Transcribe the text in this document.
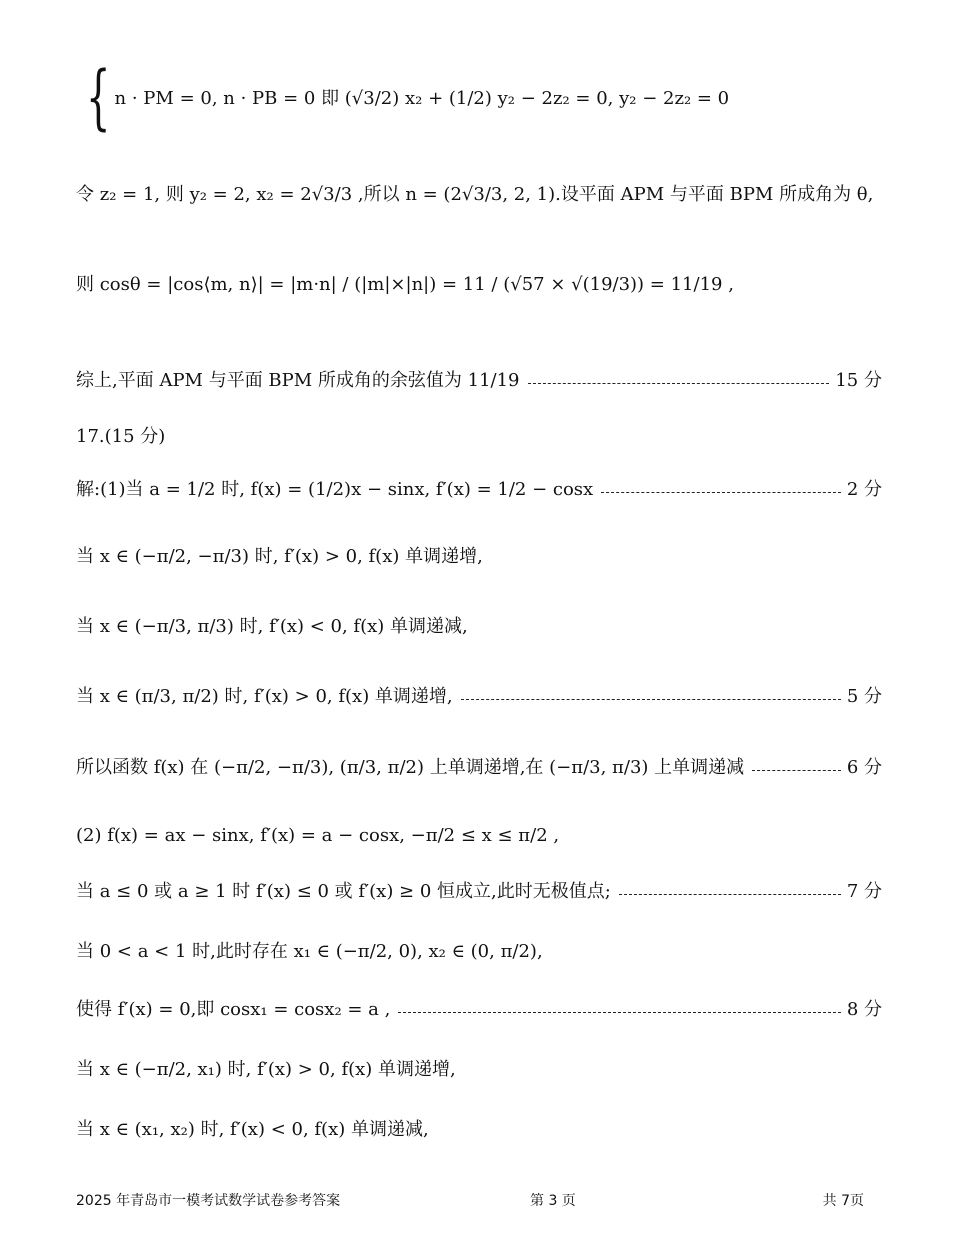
{ n · PM = 0, n · PB = 0 即 (√3/2) x₂ + (1/2) y₂ − 2z₂ = 0, y₂ − 2z₂ = 0
令 z₂ = 1, 则 y₂ = 2, x₂ = 2√3/3 ,所以 n = (2√3/3, 2, 1).设平面 APM 与平面 BPM 所成角为 θ,
则 cosθ = |cos⟨m, n⟩| = |m·n| / (|m|×|n|) = 11 / (√57 × √(19/3)) = 11/19 ,
综上,平面 APM 与平面 BPM 所成角的余弦值为 11/19	15 分
17.(15 分)
解:(1)当 a = 1/2 时, f(x) = (1/2)x − sinx, f′(x) = 1/2 − cosx	2 分
当 x ∈ (−π/2, −π/3) 时, f′(x) > 0, f(x) 单调递增,
当 x ∈ (−π/3, π/3) 时, f′(x) < 0, f(x) 单调递减,
当 x ∈ (π/3, π/2) 时, f′(x) > 0, f(x) 单调递增,	5 分
所以函数 f(x) 在 (−π/2, −π/3), (π/3, π/2) 上单调递增,在 (−π/3, π/3) 上单调递减	6 分
(2) f(x) = ax − sinx, f′(x) = a − cosx, −π/2 ≤ x ≤ π/2 ,
当 a ≤ 0 或 a ≥ 1 时 f′(x) ≤ 0 或 f′(x) ≥ 0 恒成立,此时无极值点;	7 分
当 0 < a < 1 时,此时存在 x₁ ∈ (−π/2, 0), x₂ ∈ (0, π/2),
使得 f′(x) = 0,即 cosx₁ = cosx₂ = a ,	8 分
当 x ∈ (−π/2, x₁) 时, f′(x) > 0, f(x) 单调递增,
当 x ∈ (x₁, x₂) 时, f′(x) < 0, f(x) 单调递减,
2025 年青岛市一模考试数学试卷参考答案	第 3 页	共 7页
